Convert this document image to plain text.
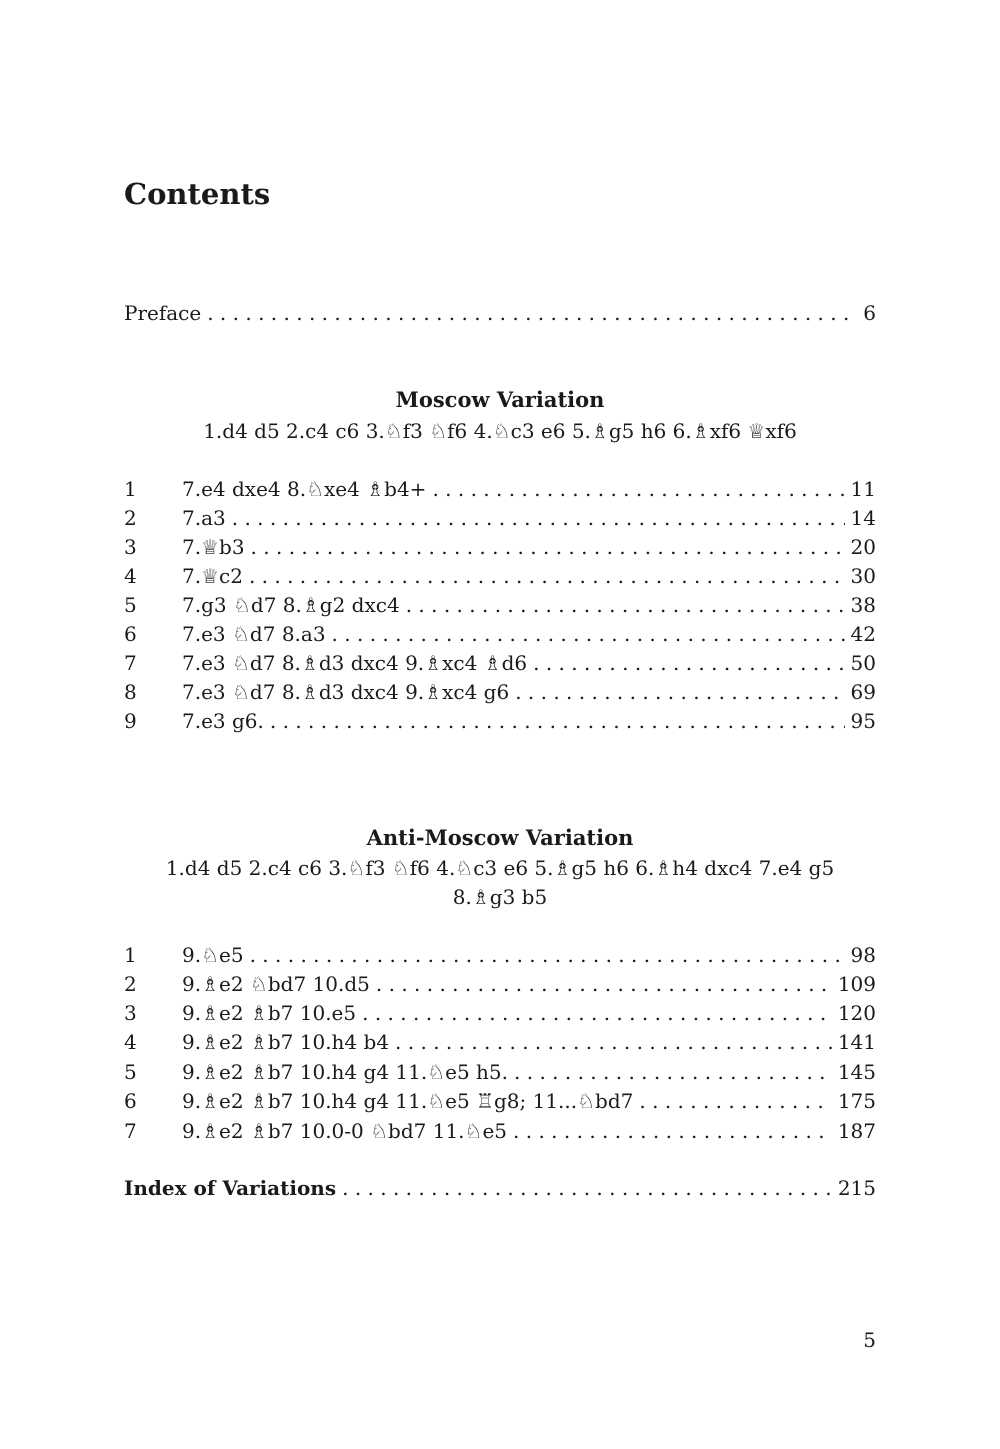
Contents
Preface . . .	6
Moscow Variation

1.d4 d5 2.c4 c6 3.♘f3 ♘f6 4.♘c3 e6 5.♗g5 h6 6.♗xf6 ♕xf6

1	7.e4 dxe4 8.♘xe4 ♗b4+ . . .	11
2	7.a3 . . .	14
3	7.♕b3 . . .	20
4	7.♕c2 . . .	30
5	7.g3 ♘d7 8.♗g2 dxc4 . . .	38
6	7.e3 ♘d7 8.a3 . . .	42
7	7.e3 ♘d7 8.♗d3 dxc4 9.♗xc4 ♗d6 . . .	50
8	7.e3 ♘d7 8.♗d3 dxc4 9.♗xc4 g6 . . .	69
9	7.e3 g6. . . .	95
Anti-Moscow Variation

1.d4 d5 2.c4 c6 3.♘f3 ♘f6 4.♘c3 e6 5.♗g5 h6 6.♗h4 dxc4 7.e4 g5

8.♗g3 b5

1	9.♘e5 . . .	98
2	9.♗e2 ♘bd7 10.d5 . . .	109
3	9.♗e2 ♗b7 10.e5 . . .	120
4	9.♗e2 ♗b7 10.h4 b4 . . .	141
5	9.♗e2 ♗b7 10.h4 g4 11.♘e5 h5. . . .	145
6	9.♗e2 ♗b7 10.h4 g4 11.♘e5 ♖g8; 11...♘bd7 . . .	175
7	9.♗e2 ♗b7 10.0-0 ♘bd7 11.♘e5 . . .	187
Index of Variations . . .	215
5
